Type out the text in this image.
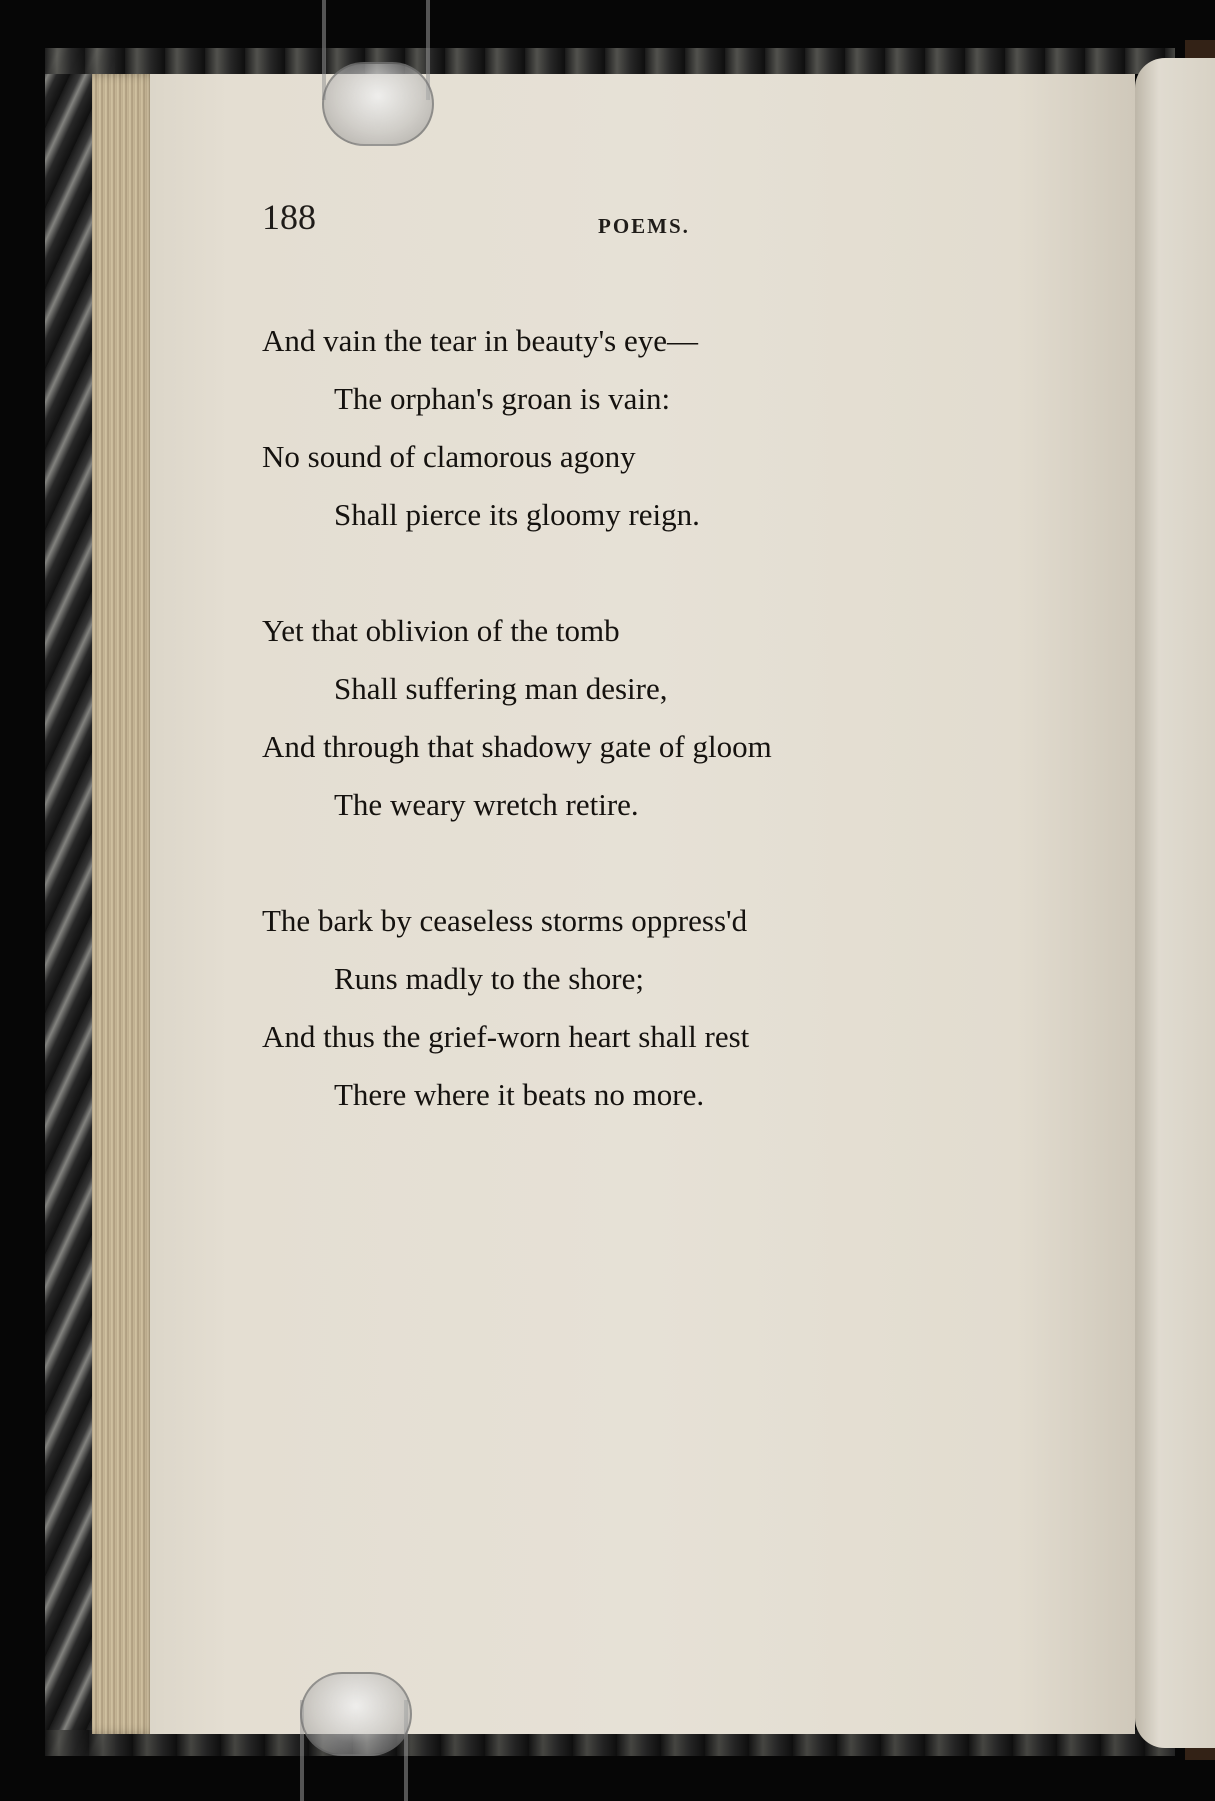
188	POEMS.

And vain the tear in beauty's eye—
The orphan's groan is vain:
No sound of clamorous agony
Shall pierce its gloomy reign.
Yet that oblivion of the tomb
Shall suffering man desire,
And through that shadowy gate of gloom
The weary wretch retire.
The bark by ceaseless storms oppress'd
Runs madly to the shore;
And thus the grief-worn heart shall rest
There where it beats no more.
